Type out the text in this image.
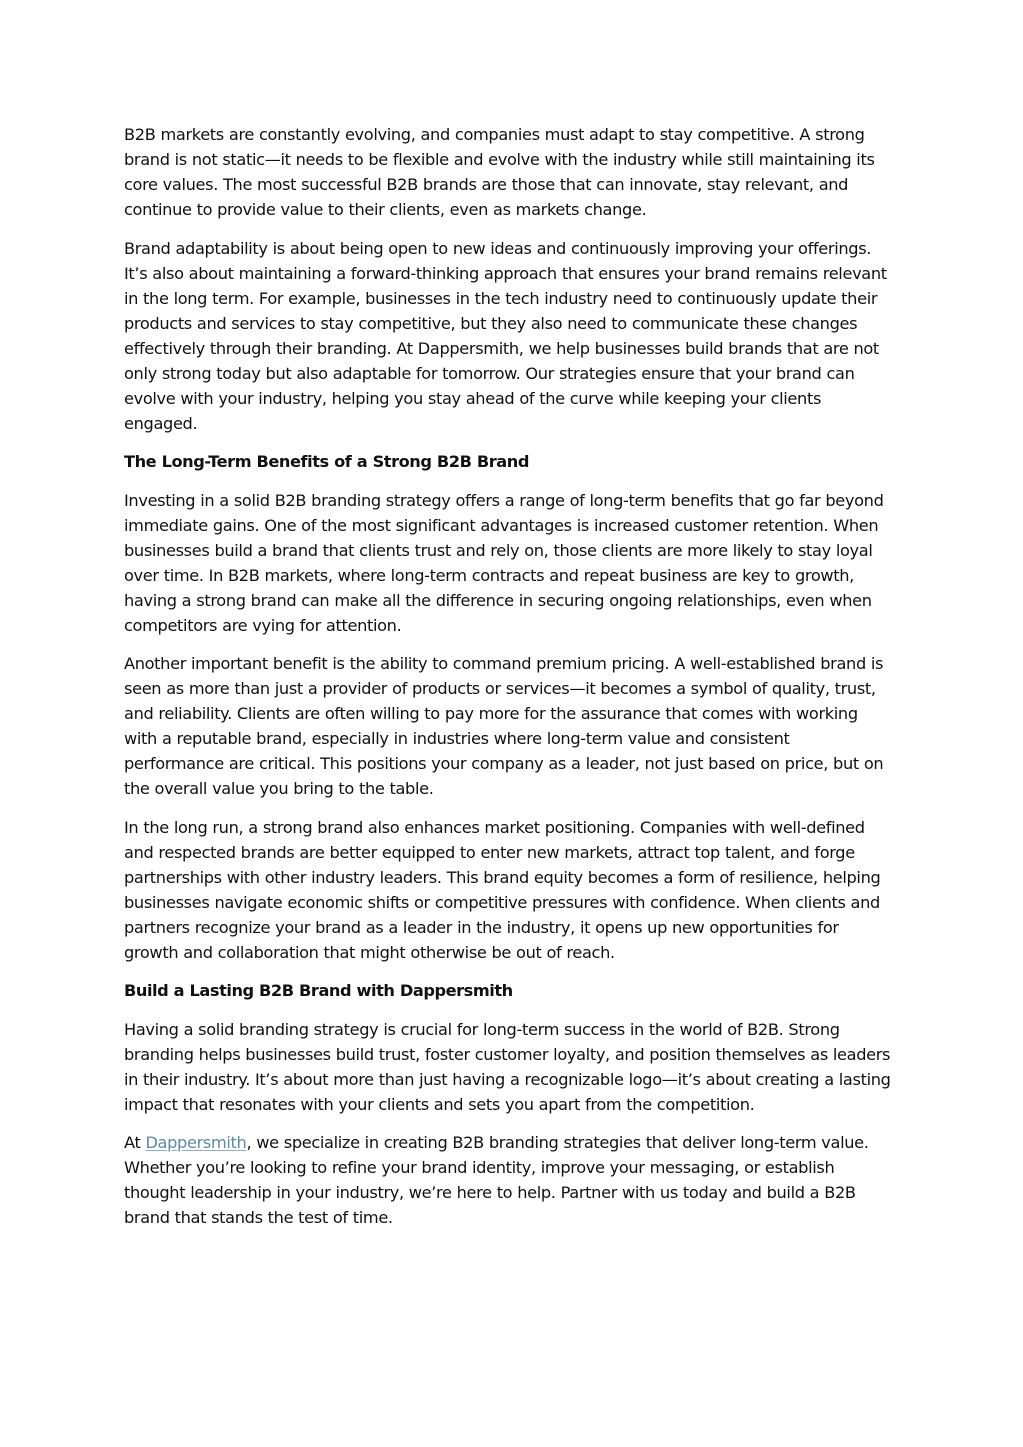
B2B markets are constantly evolving, and companies must adapt to stay competitive. A strong brand is not static—it needs to be flexible and evolve with the industry while still maintaining its core values. The most successful B2B brands are those that can innovate, stay relevant, and continue to provide value to their clients, even as markets change.

Brand adaptability is about being open to new ideas and continuously improving your offerings. It’s also about maintaining a forward-thinking approach that ensures your brand remains relevant in the long term. For example, businesses in the tech industry need to continuously update their products and services to stay competitive, but they also need to communicate these changes effectively through their branding. At Dappersmith, we help businesses build brands that are not only strong today but also adaptable for tomorrow. Our strategies ensure that your brand can evolve with your industry, helping you stay ahead of the curve while keeping your clients engaged.

The Long-Term Benefits of a Strong B2B Brand

Investing in a solid B2B branding strategy offers a range of long-term benefits that go far beyond immediate gains. One of the most significant advantages is increased customer retention. When businesses build a brand that clients trust and rely on, those clients are more likely to stay loyal over time. In B2B markets, where long-term contracts and repeat business are key to growth, having a strong brand can make all the difference in securing ongoing relationships, even when competitors are vying for attention.

Another important benefit is the ability to command premium pricing. A well-established brand is seen as more than just a provider of products or services—it becomes a symbol of quality, trust, and reliability. Clients are often willing to pay more for the assurance that comes with working with a reputable brand, especially in industries where long-term value and consistent performance are critical. This positions your company as a leader, not just based on price, but on the overall value you bring to the table.

In the long run, a strong brand also enhances market positioning. Companies with well-defined and respected brands are better equipped to enter new markets, attract top talent, and forge partnerships with other industry leaders. This brand equity becomes a form of resilience, helping businesses navigate economic shifts or competitive pressures with confidence. When clients and partners recognize your brand as a leader in the industry, it opens up new opportunities for growth and collaboration that might otherwise be out of reach.

Build a Lasting B2B Brand with Dappersmith

Having a solid branding strategy is crucial for long-term success in the world of B2B. Strong branding helps businesses build trust, foster customer loyalty, and position themselves as leaders in their industry. It’s about more than just having a recognizable logo—it’s about creating a lasting impact that resonates with your clients and sets you apart from the competition.

At Dappersmith, we specialize in creating B2B branding strategies that deliver long-term value. Whether you’re looking to refine your brand identity, improve your messaging, or establish thought leadership in your industry, we’re here to help. Partner with us today and build a B2B brand that stands the test of time.
